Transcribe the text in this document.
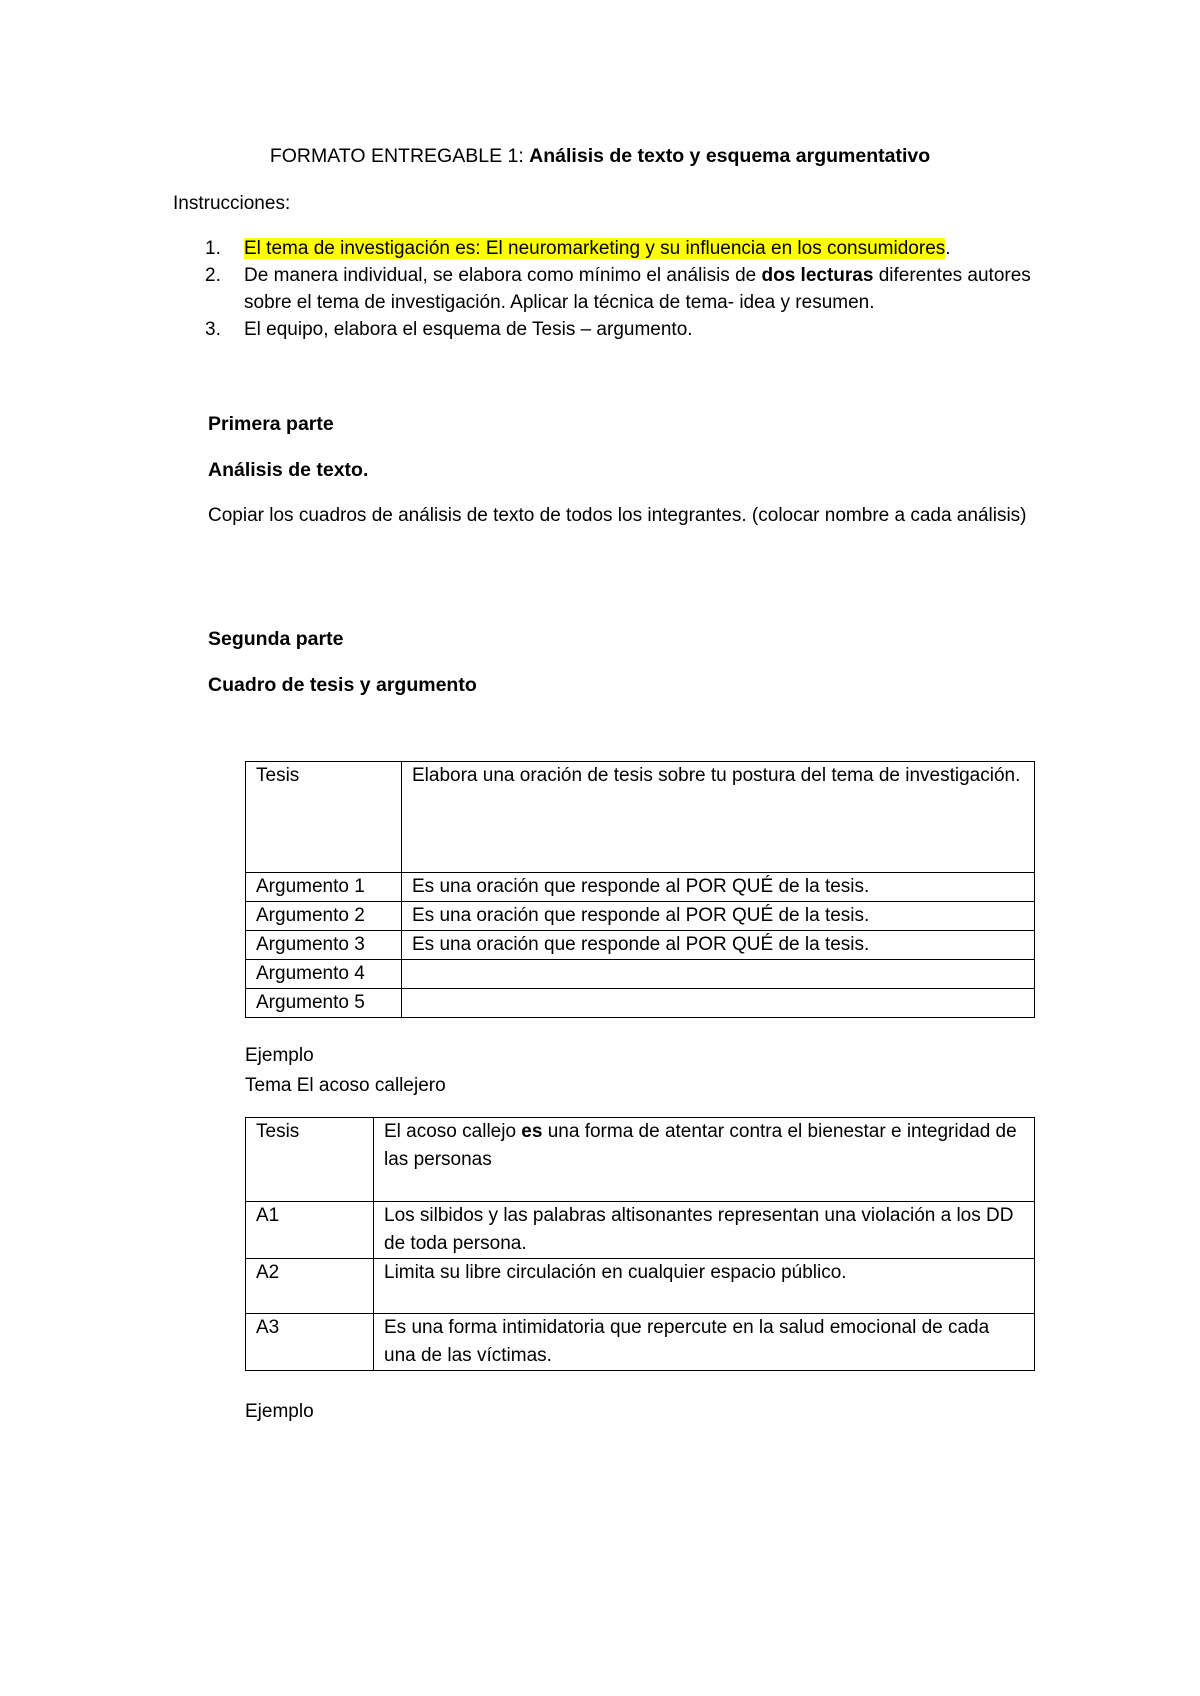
FORMATO ENTREGABLE 1: Análisis de texto y esquema argumentativo
Instrucciones:
1. El tema de investigación es: El neuromarketing y su influencia en los consumidores.
2. De manera individual, se elabora como mínimo el análisis de dos lecturas diferentes autores sobre el tema de investigación. Aplicar la técnica de tema- idea y resumen.
3. El equipo, elabora el esquema de Tesis – argumento.
Primera parte
Análisis de texto.
Copiar los cuadros de análisis de texto de todos los integrantes. (colocar nombre a cada análisis)
Segunda parte
Cuadro de tesis y argumento
Tesis	Elabora una oración de tesis sobre tu postura del tema de investigación.
Argumento 1	Es una oración que responde al POR QUÉ de la tesis.
Argumento 2	Es una oración que responde al POR QUÉ de la tesis.
Argumento 3	Es una oración que responde al POR QUÉ de la tesis.
Argumento 4	
Argumento 5	
Ejemplo
Tema El acoso callejero
Tesis	El acoso callejo es una forma de atentar contra el bienestar e integridad de las personas
A1	Los silbidos y las palabras altisonantes representan una violación a los DD de toda persona.
A2	Limita su libre circulación en cualquier espacio público.
A3	Es una forma intimidatoria que repercute en la salud emocional de cada una de las víctimas.
Ejemplo
